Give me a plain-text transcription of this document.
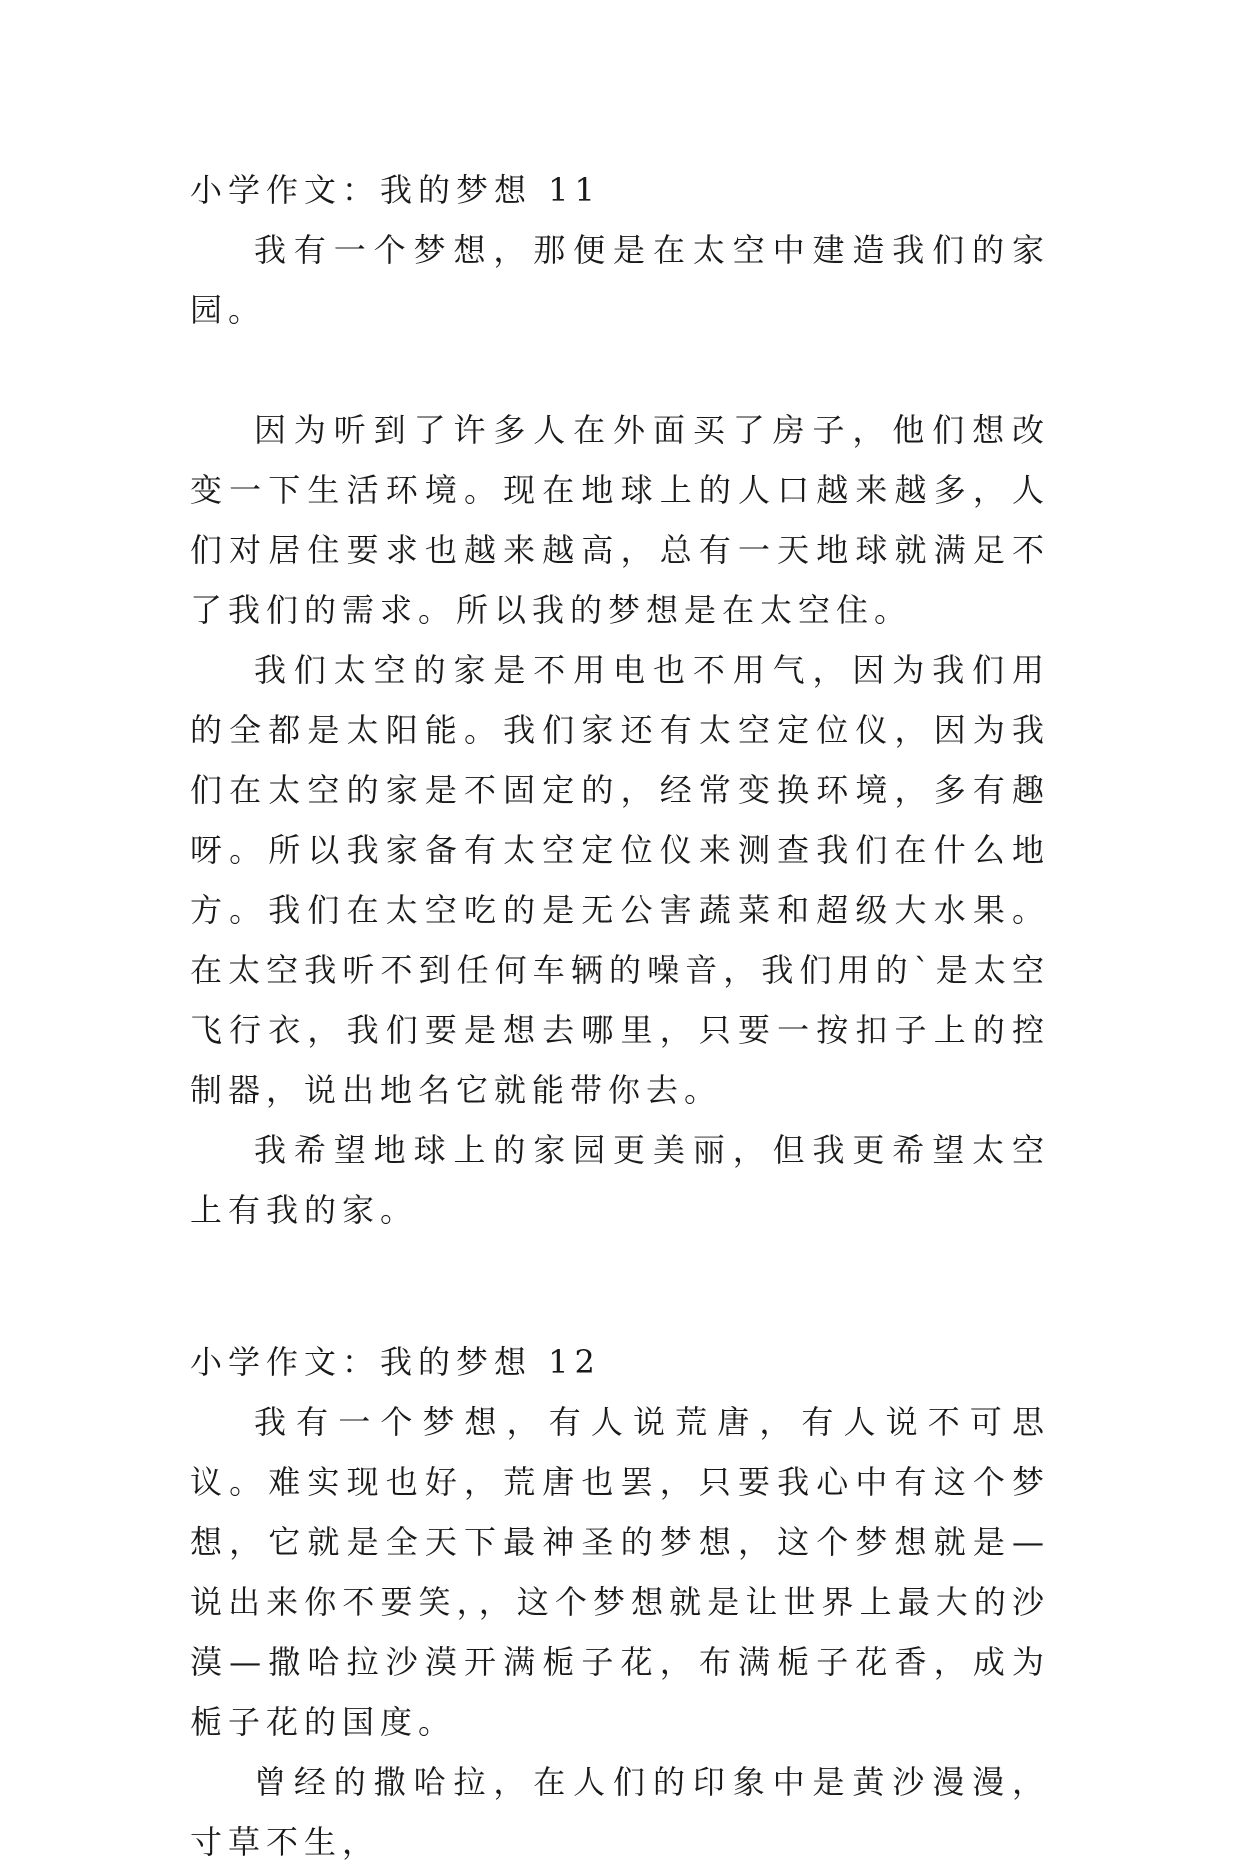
小学作文：我的梦想 11

我有一个梦想，那便是在太空中建造我们的家园。

因为听到了许多人在外面买了房子，他们想改变一下生活环境。现在地球上的人口越来越多，人们对居住要求也越来越高，总有一天地球就满足不了我们的需求。所以我的梦想是在太空住。

我们太空的家是不用电也不用气，因为我们用的全都是太阳能。我们家还有太空定位仪，因为我们在太空的家是不固定的，经常变换环境，多有趣呀。所以我家备有太空定位仪来测查我们在什么地方。我们在太空吃的是无公害蔬菜和超级大水果。在太空我听不到任何车辆的噪音，我们用的`是太空飞行衣，我们要是想去哪里，只要一按扣子上的控制器，说出地名它就能带你去。

我希望地球上的家园更美丽，但我更希望太空上有我的家。

小学作文：我的梦想 12

我有一个梦想，有人说荒唐，有人说不可思议。难实现也好，荒唐也罢，只要我心中有这个梦想，它就是全天下最神圣的梦想，这个梦想就是—说出来你不要笑，，这个梦想就是让世界上最大的沙漠—撒哈拉沙漠开满栀子花，布满栀子花香，成为栀子花的国度。

曾经的撒哈拉，在人们的印象中是黄沙漫漫，寸草不生，
